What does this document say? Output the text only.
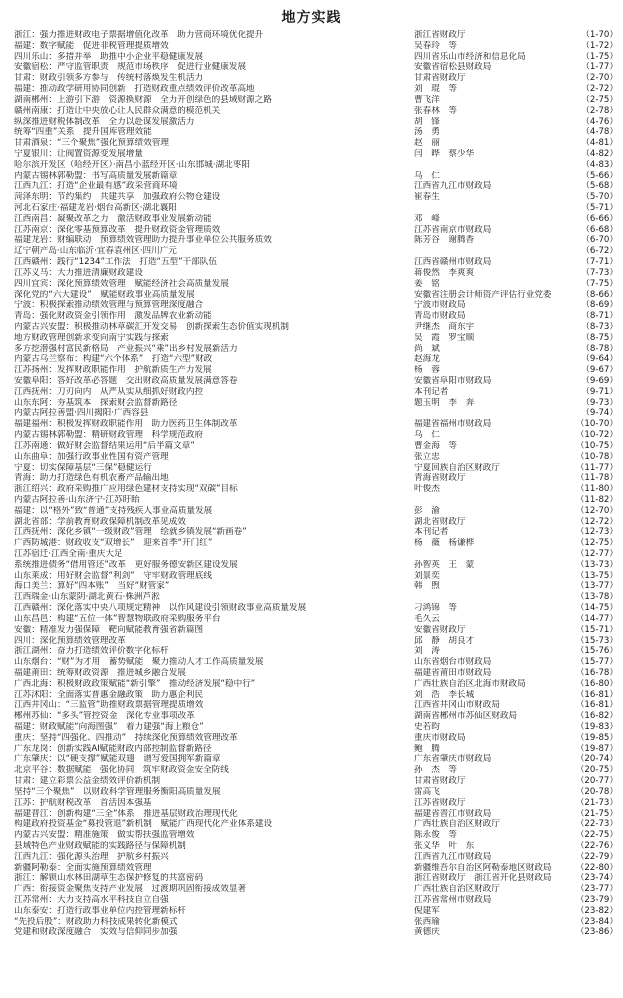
地方实践
浙江：强力推进财政电子票据增值化改革　助力营商环境优化提升	浙江省财政厅	（1-70）
福建：数字赋能　促进非税管理提质增效	吴春玲　等	（1-72）
四川乐山：多措并举　助推中小企业平稳健康发展	四川省乐山市经济和信息化局	（1-75）
安徽宿松：严守监管职责　规范市场秩序　促进行业健康发展	安徽省宿松县财政局	（1-77）
甘肃：财政引领多方参与　传统村落焕发生机活力	甘肃省财政厅	（2-70）
福建：推动政学研用协同创新　打造财政重点绩效评价改革高地	刘　琨　等	（2-72）
湖南郴州：上游引下游　资源换财源　全力开创绿色的县域财源之路	曹飞洋	（2-75）
赣州南康：打造让中央放心让人民群众满意的模范机关	张春林　等	（2-78）
纵深推进财税体制改革　全力以赴谋发展激活力	胡　锋	（4-76）
统筹“四重”关系　提升国库管理效能	汤　勇	（4-78）
甘肃酒泉：“三个聚焦”强化预算绩效管理	赵　丽	（4-81）
宁夏银川：让阀置资源变发展增量	闫　晔　蔡少华	（4-82）
哈尔滨开发区（哈经开区）·南昌小蓝经开区·山东邯城·湖北枣阳	（4-83）
内蒙古锡林郭勒盟：书写高质量发展新篇章	乌　仁	（5-66）
江西九江：打造“企业最有感”政采营商环境	江西省九江市财政局	（5-68）
菏泽东明：节约集约　共建共享　加强政府公物仓建设	崔春生	（5-70）
河北石家庄·福建龙岩·烟台高新区·湖北襄阳	（5-71）
江西南昌：凝聚改革之力　激活财政事业发展新动能	邓　峰	（6-66）
江苏南京：深化零基预算改革　提升财政资金管理质效	江苏省南京市财政局	（6-68）
福建龙岩：财编联动　预算绩效管理助力提升事业单位公共服务质效	陈芳谷　谢腾香	（6-70）
辽宁朝产岛·山东临沂·宜春袁州区·四川广元	（6-72）
江西赣州：践行“1234”工作法　打造“五型”干部队伍	江西省赣州市财政局	（7-71）
江苏义马：大力推进清廉财政建设	蒋俊然　李爽爽	（7-73）
四川宜宾：深化预算绩效管理　赋能经济社会高质量发展	姜　铭	（7-75）
深化党的“六大建设”　赋能财政事业高质量发展	安徽省注册会计师资产评估行业党委	（8-66）
宁波：积极探索推动绩效管理与预算管理深度融合	宁波市财政局	（8-69）
青岛：强化财政资金引领作用　激发品牌农业新动能	青岛市财政局	（8-71）
内蒙古兴安盟：积极推动林草碳汇开发交易　创新探索生态价值实现机制	尹继杰　商东宇	（8-73）
地方财政管理创新求变向南宁实践与探索	吴　霞　罗宝顺	（8-75）
多方挖潜强村富民新格局　产业振兴“乘”出乡村发展新活力	尚　斌	（8-78）
内蒙古乌兰察布：构建“六个体系”　打造“六型”财政	赵海龙	（9-64）
江苏扬州：发挥财政职能作用　护航新质生产力发展	杨　蓉	（9-67）
安徽阜阳：答好改革必答题　交出财政高质量发展满意答卷	安徽省阜阳市财政局	（9-69）
江西抚州：刀刃向内　从严从实从细抓好财政内控	本刊记者	（9-71）
山东东阿：夯基筑本　探索财会监督新路径	题玉明　李　奔	（9-73）
内蒙古阿拉善盟·四川揭阳·广西容县	（9-74）
福建福州：积极发挥财政职能作用　助力医药卫生体制改革	福建省福州市财政局	（10-70）
内蒙古锡林郭勒盟：精研财政管理　科学规范政府	乌　仁	（10-72）
江苏南通：做好财会监督结果运用“后半篇文章”	曹金海　等	（10-75）
山东曲阜：加强行政事业性国有资产管理	张立忠	（10-78）
宁夏：切实保障基层“三保”稳健运行	宁夏回族自治区财政厅	（11-77）
青海：助力打造绿色有机农畜产品输出地	青海省财政厅	（11-78）
浙江绍兴：政府采购推广应用绿色建材支持实现“双碳”目标	叶俊杰	（11-80）
内蒙古阿拉善·山东济宁·江苏盱眙	（11-82）
福建：以“格外”致“普通”支持残疾人事业高质量发展	彭　渝	（12-70）
湖北省部：学前教育财政保障机制改革见成效	湖北省财政厅	（12-72）
江西抚州：深化乡镇“一级财政”管理　绘就乡镇发展“新画卷”	本刊记者	（12-73）
广西防城港：财政收支“双增长”　迎来首季“开门红”	杨　薇　杨谦桦	（12-75）
江苏宿迁·江西全南·重庆大足	（12-77）
系统推进债务“借用管还”改革　更好服务德安新区建设发展	孙智英　王　蒙	（13-73）
山东莱成：用好财会监督“利剑”　守牢财政管理底线	刘景奕	（13-75）
海口美兰：算好“四本账”　当好“财管家”	韩　煦	（13-77）
江西瑞金·山东蒙阴·湖北黄石·株洲芦淞	（13-78）
江西赣州：深化落实中央八项规定精神　以作风建设引领财政事业高质量发展	刁鸿锦　等	（14-75）
山东昌邑：构建“五位一体”智慧物联政府采购服务平台	毛久云	（14-77）
安徽：精准发力强保障　靶向赋能教育强省新篇图	安徽省财政厅	（15-71）
四川：深化预算绩效管理改革	邱　静　胡良才	（15-73）
浙江湖州：奋力打造绩效评价数字化标杆	刘　涛	（15-76）
山东烟台：“财”为才用　蓄势赋能　聚力推动人才工作高质量发展	山东省烟台市财政局	（15-77）
福建莆田：统筹财政资源　推进城乡融合发展	福建省莆田市财政局	（16-78）
广西北海：积极财政政策赋能“新引擎”　推动经济发展“稳中行”	广西壮族自治区北海市财政局	（16-80）
江苏沭阳：全面落实普惠金融政策　助力惠企利民	刘　浩　李长城	（16-81）
江西井冈山：“三监管”助推财政票据管理提质增效	江西省井冈山市财政局	（16-81）
郴州苏仙：“多头”管控资金　深化专业事项改革	湖南省郴州市苏仙区财政局	（16-82）
福建：财政赋能“向海图强”　着力建强“海上粮仓”	史若昀	（19-83）
重庆：坚持“四强化、四推动”　持续深化预算绩效管理改革	重庆市财政局	（19-85）
广东龙岗：创新实践AI赋能财政内部控制监督新路径	鲍　腾	（19-87）
广东肇庆：以“硬支撑”赋能双翅　谱写爱国拥军新篇章	广东省肇庆市财政局	（20-74）
北京平谷：数据赋能　强化协同　筑牢财政资金安全防线	孙　杰　等	（20-75）
甘肃：建立彩票公益金绩效评价新机制	甘肃省财政厅	（20-77）
坚持“三个聚焦”　以财政科学管理服务衡阳高质量发展	雷高飞	（20-78）
江苏：护航财税改革　首活因本强基	江苏省财政厅	（21-73）
福建晋江：创新构建“三全”体系　推进基层财政治理现代化	福建省晋江市财政局	（21-75）
构建政府投资基金“募投管退”新机制　赋能广西现代化产业体系建设	广西壮族自治区财政厅	（22-73）
内蒙古兴安盟：精准施策　做实帮扶强监管增效	陈永俊　等	（22-75）
县域特色产业财政赋能的实践路径与保障机制	张义华　叶　东	（22-76）
江西九江：强化源头治理　护航乡村振兴	江西省九江市财政局	（22-79）
新疆阿勒泰：全面实施预算绩效管理	新疆维吾尔自治区阿勒泰地区财政局	（22-80）
浙江：解锁山水林田湖草生态保护修复的共富密码	浙江省财政厅　浙江省开化县财政局	（23-74）
广西：衔接资金聚焦支持产业发展　过渡期巩固衔接成效显著	广西壮族自治区财政厅	（23-77）
江苏常州：大力支持高水平科技自立自强	江苏省常州市财政局	（23-79）
山东泰安：打造行政事业单位内控管理新标杆	倪建军	（23-82）
“先投后股”：财政助力科技成果转化新模式	张西瑜	（23-84）
党建和财政深度融合　实效与信仰同步加强	黄德庆	（23-86）
